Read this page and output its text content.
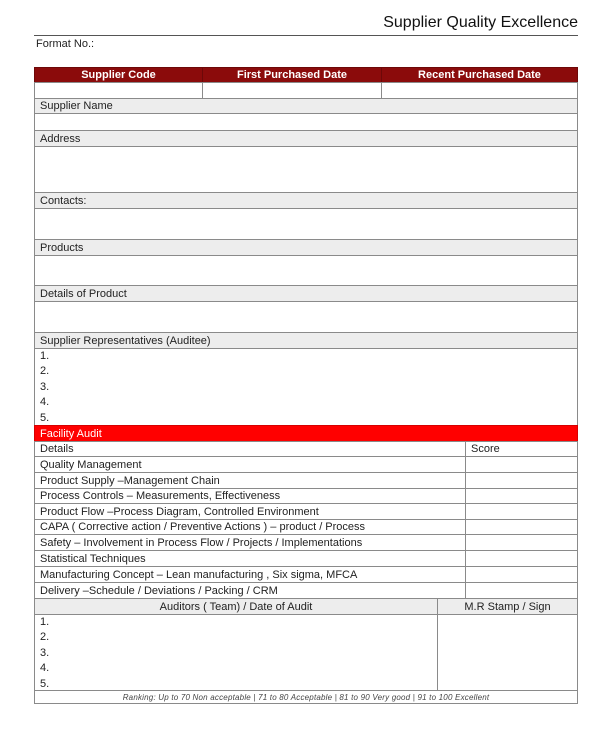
Supplier Quality Excellence
Format No.:
Supplier Code	First Purchased Date	Recent Purchased Date
Supplier Name
Address
Contacts:
Products
Details of Product
Supplier Representatives (Auditee)
1.
2.
3.
4.
5.
Facility Audit
Details	Score
Quality Management
Product Supply –Management Chain
Process Controls – Measurements, Effectiveness
Product Flow –Process Diagram, Controlled Environment
CAPA ( Corrective action / Preventive Actions ) – product / Process
Safety – Involvement in Process Flow / Projects / Implementations
Statistical Techniques
Manufacturing Concept – Lean manufacturing , Six sigma, MFCA
Delivery –Schedule / Deviations / Packing / CRM
Auditors ( Team) / Date of Audit	M.R Stamp / Sign
1.
2.
3.
4.
5.
Ranking: Up to 70 Non acceptable | 71 to 80 Acceptable | 81 to 90 Very good | 91 to 100 Excellent
